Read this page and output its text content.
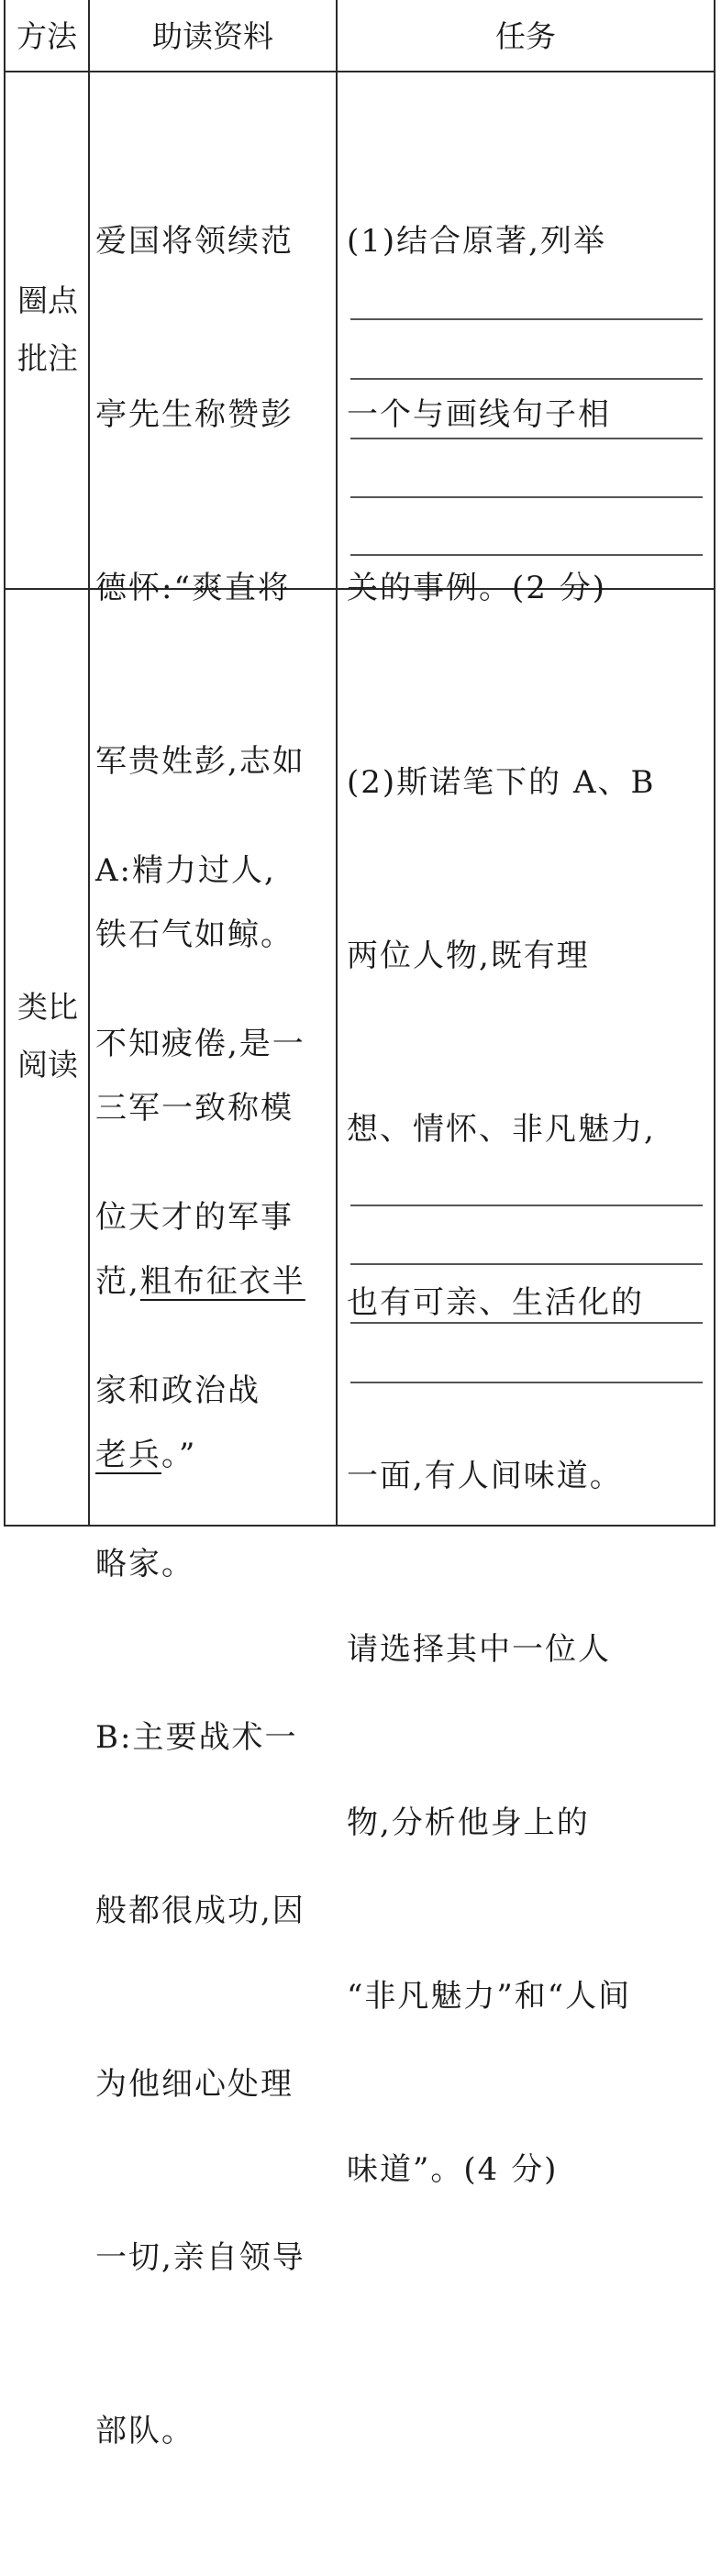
方法	助读资料	任务
圈点
批注

爱国将领续范

亭先生称赞彭

德怀:“爽直将

军贵姓彭,志如

铁石气如鲸。

三军一致称模

范,粗布征衣半

老兵。”

(1)结合原著,列举

一个与画线句子相

关的事例。(2 分)

类比
阅读

A:精力过人,

不知疲倦,是一

位天才的军事

家和政治战

略家。

B:主要战术一

般都很成功,因

为他细心处理

一切,亲自领导

部队。

(2)斯诺笔下的 A、B

两位人物,既有理

想、情怀、非凡魅力,

也有可亲、生活化的

一面,有人间味道。

请选择其中一位人

物,分析他身上的

“非凡魅力”和“人间

味道”。(4 分)
